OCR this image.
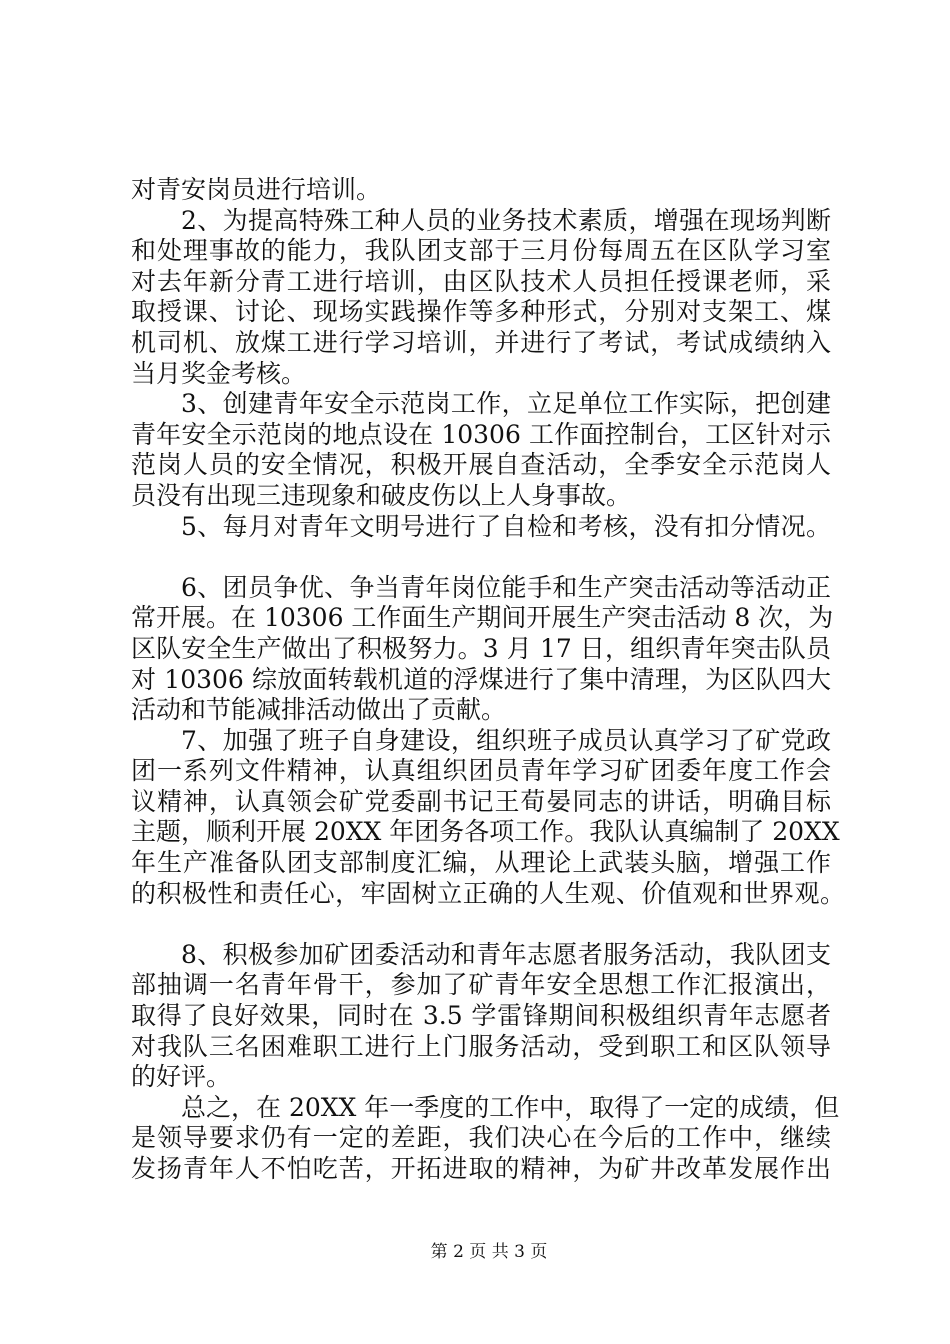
对青安岗员进行培训。
2、为提高特殊工种人员的业务技术素质，增强在现场判断
和处理事故的能力，我队团支部于三月份每周五在区队学习室
对去年新分青工进行培训，由区队技术人员担任授课老师，采
取授课、讨论、现场实践操作等多种形式，分别对支架工、煤
机司机、放煤工进行学习培训，并进行了考试，考试成绩纳入
当月奖金考核。
3、创建青年安全示范岗工作，立足单位工作实际，把创建
青年安全示范岗的地点设在 10306 工作面控制台，工区针对示
范岗人员的安全情况，积极开展自查活动，全季安全示范岗人
员没有出现三违现象和破皮伤以上人身事故。
5、每月对青年文明号进行了自检和考核，没有扣分情况。
6、团员争优、争当青年岗位能手和生产突击活动等活动正
常开展。在 10306 工作面生产期间开展生产突击活动 8 次，为
区队安全生产做出了积极努力。3 月 17 日，组织青年突击队员
对 10306 综放面转载机道的浮煤进行了集中清理，为区队四大
活动和节能减排活动做出了贡献。
7、加强了班子自身建设，组织班子成员认真学习了矿党政
团一系列文件精神，认真组织团员青年学习矿团委年度工作会
议精神，认真领会矿党委副书记王荀晏同志的讲话，明确目标
主题，顺利开展 20XX 年团务各项工作。我队认真编制了 20XX
年生产准备队团支部制度汇编，从理论上武装头脑，增强工作
的积极性和责任心，牢固树立正确的人生观、价值观和世界观。
8、积极参加矿团委活动和青年志愿者服务活动，我队团支
部抽调一名青年骨干，参加了矿青年安全思想工作汇报演出，
取得了良好效果，同时在 3.5 学雷锋期间积极组织青年志愿者
对我队三名困难职工进行上门服务活动，受到职工和区队领导
的好评。
总之，在 20XX 年一季度的工作中，取得了一定的成绩，但
是领导要求仍有一定的差距，我们决心在今后的工作中，继续
发扬青年人不怕吃苦，开拓进取的精神，为矿井改革发展作出
第 2 页 共 3 页
